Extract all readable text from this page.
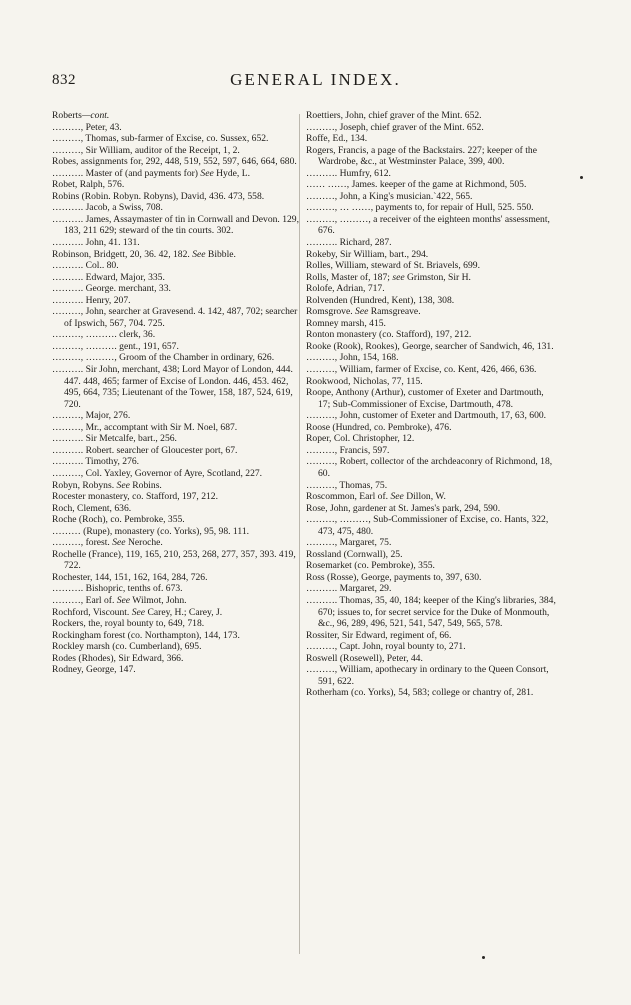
832	GENERAL INDEX.
Roberts—cont.
………, Peter, 43.
………, Thomas, sub-farmer of Excise, co. Sussex, 652.
………, Sir William, auditor of the Receipt, 1, 2.
Robes, assignments for, 292, 448, 519, 552, 597, 646, 664, 680.
………. Master of (and payments for) See Hyde, L.
Robet, Ralph, 576.
Robins (Robin. Robyn. Robyns), David, 436. 473, 558.
………. Jacob, a Swiss, 708.
………. James, Assaymaster of tin in Cornwall and Devon. 129, 183, 211 629; steward of the tin courts. 302.
………. John, 41. 131.
Robinson, Bridgett, 20, 36. 42, 182. See Bibble.
………. Col.. 80.
………. Edward, Major, 335.
………. George. merchant, 33.
………. Henry, 207.
………, John, searcher at Gravesend. 4. 142, 487, 702; searcher of Ipswich, 567, 704. 725.
………, ………. clerk, 36.
………, ………. gent., 191, 657.
………, ………, Groom of the Chamber in ordinary, 626.
………. Sir John, merchant, 438; Lord Mayor of London, 444. 447. 448, 465; farmer of Excise of London. 446, 453. 462, 495, 664, 735; Lieutenant of the Tower, 158, 187, 524, 619, 720.
………, Major, 276.
………, Mr., accomptant with Sir M. Noel, 687.
………. Sir Metcalfe, bart., 256.
………. Robert. searcher of Gloucester port, 67.
………. Timothy, 276.
………, Col. Yaxley, Governor of Ayre, Scotland, 227.
Robyn, Robyns. See Robins.
Rocester monastery, co. Stafford, 197, 212.
Roch, Clement, 636.
Roche (Roch), co. Pembroke, 355.
……… (Rupe), monastery (co. Yorks), 95, 98. 111.
………, forest. See Neroche.
Rochelle (France), 119, 165, 210, 253, 268, 277, 357, 393. 419, 722.
Rochester, 144, 151, 162, 164, 284, 726.
………. Bishopric, tenths of. 673.
………, Earl of. See Wilmot, John.
Rochford, Viscount. See Carey, H.; Carey, J.
Rockers, the, royal bounty to, 649, 718.
Rockingham forest (co. Northampton), 144, 173.
Rockley marsh (co. Cumberland), 695.
Rodes (Rhodes), Sir Edward, 366.
Rodney, George, 147.
Roettiers, John, chief graver of the Mint. 652.
………, Joseph, chief graver of the Mint. 652.
Roffe, Ed., 134.
Rogers, Francis, a page of the Backstairs. 227; keeper of the Wardrobe, &c., at Westminster Palace, 399, 400.
………. Humfry, 612.
…… ……, James. keeper of the game at Richmond, 505.
………, John, a King's musician.`422, 565.
………, … ……, payments to, for repair of Hull, 525. 550.
………, ………, a receiver of the eighteen months' assessment, 676.
………. Richard, 287.
Rokeby, Sir William, bart., 294.
Rolles, William, steward of St. Briavels, 699.
Rolls, Master of, 187; see Grimston, Sir H.
Rolofe, Adrian, 717.
Rolvenden (Hundred, Kent), 138, 308.
Romsgrove. See Ramsgreave.
Romney marsh, 415.
Ronton monastery (co. Stafford), 197, 212.
Rooke (Rook), Rookes), George, searcher of Sandwich, 46, 131.
………, John, 154, 168.
………, William, farmer of Excise, co. Kent, 426, 466, 636.
Rookwood, Nicholas, 77, 115.
Roope, Anthony (Arthur), customer of Exeter and Dartmouth, 17; Sub-Commissioner of Excise, Dartmouth, 478.
………, John, customer of Exeter and Dartmouth, 17, 63, 600.
Roose (Hundred, co. Pembroke), 476.
Roper, Col. Christopher, 12.
………, Francis, 597.
………, Robert, collector of the archdeaconry of Richmond, 18, 60.
………, Thomas, 75.
Roscommon, Earl of. See Dillon, W.
Rose, John, gardener at St. James's park, 294, 590.
………, ………, Sub-Commissioner of Excise, co. Hants, 322, 473, 475, 480.
………, Margaret, 75.
Rossland (Cornwall), 25.
Rosemarket (co. Pembroke), 355.
Ross (Rosse), George, payments to, 397, 630.
………. Margaret, 29.
………. Thomas, 35, 40, 184; keeper of the King's libraries, 384, 670; issues to, for secret service for the Duke of Monmouth, &c., 96, 289, 496, 521, 541, 547, 549, 565, 578.
Rossiter, Sir Edward, regiment of, 66.
………, Capt. John, royal bounty to, 271.
Roswell (Rosewell), Peter, 44.
………, William, apothecary in ordinary to the Queen Consort, 591, 622.
Rotherham (co. Yorks), 54, 583; college or chantry of, 281.
